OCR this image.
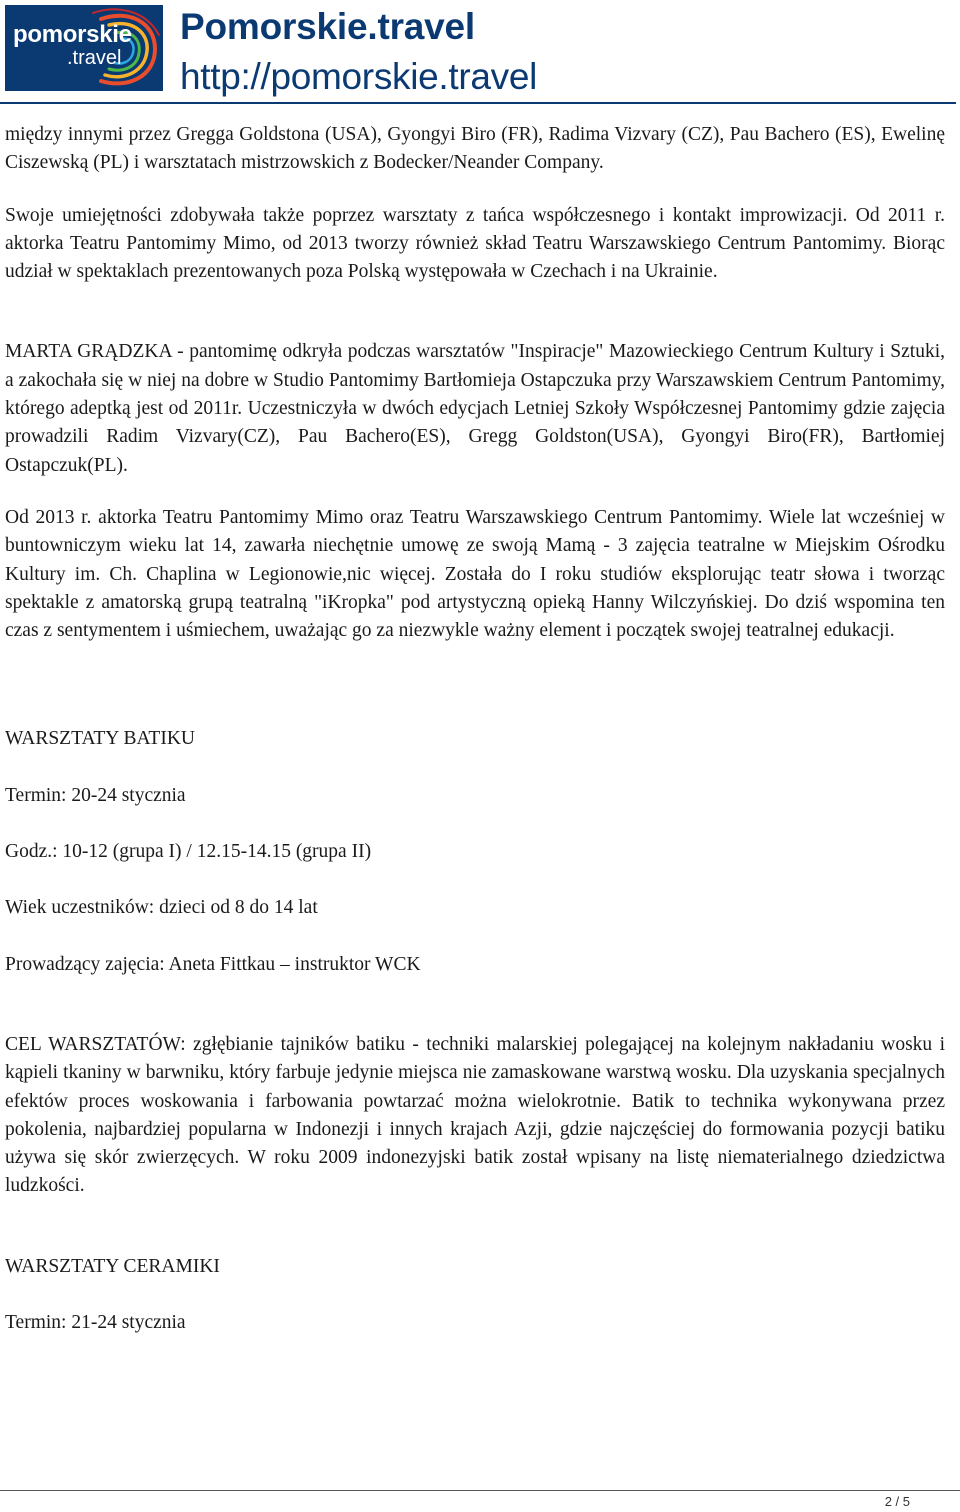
pomorskie
.travel
Pomorskie.travel
http://pomorskie.travel

między innymi przez Gregga Goldstona (USA), Gyongyi Biro (FR), Radima Vizvary (CZ), Pau Bachero (ES), Ewelinę Ciszewską (PL) i warsztatach mistrzowskich z Bodecker/Neander Company.

Swoje umiejętności zdobywała także poprzez warsztaty z tańca współczesnego i kontakt improwizacji. Od 2011 r. aktorka Teatru Pantomimy Mimo, od 2013 tworzy również skład Teatru Warszawskiego Centrum Pantomimy. Biorąc udział w spektaklach prezentowanych poza Polską występowała w Czechach i na Ukrainie.

MARTA GRĄDZKA - pantomimę odkryła podczas warsztatów "Inspiracje" Mazowieckiego Centrum Kultury i Sztuki, a zakochała się w niej na dobre w Studio Pantomimy Bartłomieja Ostapczuka przy Warszawskiem Centrum Pantomimy, którego adeptką jest od 2011r. Uczestniczyła w dwóch edycjach Letniej Szkoły Współczesnej Pantomimy gdzie zajęcia prowadzili Radim Vizvary(CZ), Pau Bachero(ES), Gregg Goldston(USA), Gyongyi Biro(FR), Bartłomiej Ostapczuk(PL).

Od 2013 r. aktorka Teatru Pantomimy Mimo oraz Teatru Warszawskiego Centrum Pantomimy. Wiele lat wcześniej w buntowniczym wieku lat 14, zawarła niechętnie umowę ze swoją Mamą - 3 zajęcia teatralne w Miejskim Ośrodku Kultury im. Ch. Chaplina w Legionowie,nic więcej. Została do I roku studiów eksplorując teatr słowa i tworząc spektakle z amatorską grupą teatralną "iKropka" pod artystyczną opieką Hanny Wilczyńskiej. Do dziś wspomina ten czas z sentymentem i uśmiechem, uważając go za niezwykle ważny element i początek swojej teatralnej edukacji.

WARSZTATY BATIKU

Termin: 20-24 stycznia

Godz.: 10-12 (grupa I) / 12.15-14.15 (grupa II)

Wiek uczestników: dzieci od 8 do 14 lat

Prowadzący zajęcia: Aneta Fittkau – instruktor WCK

CEL WARSZTATÓW: zgłębianie tajników batiku - techniki malarskiej polegającej na kolejnym nakładaniu wosku i kąpieli tkaniny w barwniku, który farbuje jedynie miejsca nie zamaskowane warstwą wosku. Dla uzyskania specjalnych efektów proces woskowania i farbowania powtarzać można wielokrotnie. Batik to technika wykonywana przez pokolenia, najbardziej popularna w Indonezji i innych krajach Azji, gdzie najczęściej do formowania pozycji batiku używa się skór zwierzęcych. W roku 2009 indonezyjski batik został wpisany na listę niematerialnego dziedzictwa ludzkości.

WARSZTATY CERAMIKI

Termin: 21-24 stycznia

2 / 5
